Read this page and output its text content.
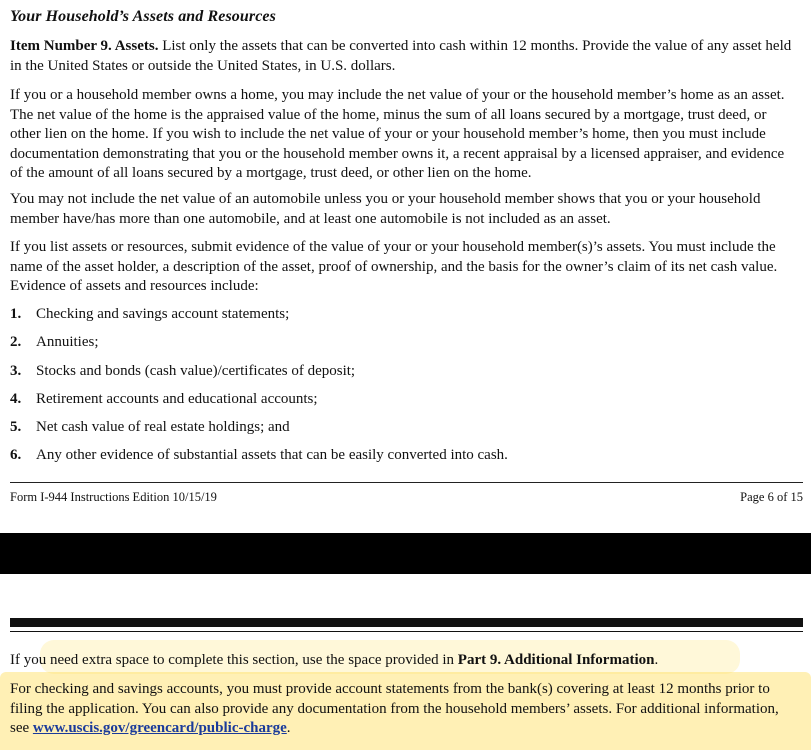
Your Household’s Assets and Resources

Item Number 9. Assets. List only the assets that can be converted into cash within 12 months. Provide the value of any asset held in the United States or outside the United States, in U.S. dollars.

If you or a household member owns a home, you may include the net value of your or the household member’s home as an asset. The net value of the home is the appraised value of the home, minus the sum of all loans secured by a mortgage, trust deed, or other lien on the home. If you wish to include the net value of your or your household member’s home, then you must include documentation demonstrating that you or the household member owns it, a recent appraisal by a licensed appraiser, and evidence of the amount of all loans secured by a mortgage, trust deed, or other lien on the home.

You may not include the net value of an automobile unless you or your household member shows that you or your household member have/has more than one automobile, and at least one automobile is not included as an asset.

If you list assets or resources, submit evidence of the value of your or your household member(s)’s assets. You must include the name of the asset holder, a description of the asset, proof of ownership, and the basis for the owner’s claim of its net cash value. Evidence of assets and resources include:

1. Checking and savings account statements;
2. Annuities;
3. Stocks and bonds (cash value)/certificates of deposit;
4. Retirement accounts and educational accounts;
5. Net cash value of real estate holdings; and
6. Any other evidence of substantial assets that can be easily converted into cash.
Form I-944 Instructions Edition 10/15/19	Page 6 of 15

If you need extra space to complete this section, use the space provided in Part 9. Additional Information.

For checking and savings accounts, you must provide account statements from the bank(s) covering at least 12 months prior to filing the application. You can also provide any documentation from the household members’ assets. For additional information, see www.uscis.gov/greencard/public-charge.
